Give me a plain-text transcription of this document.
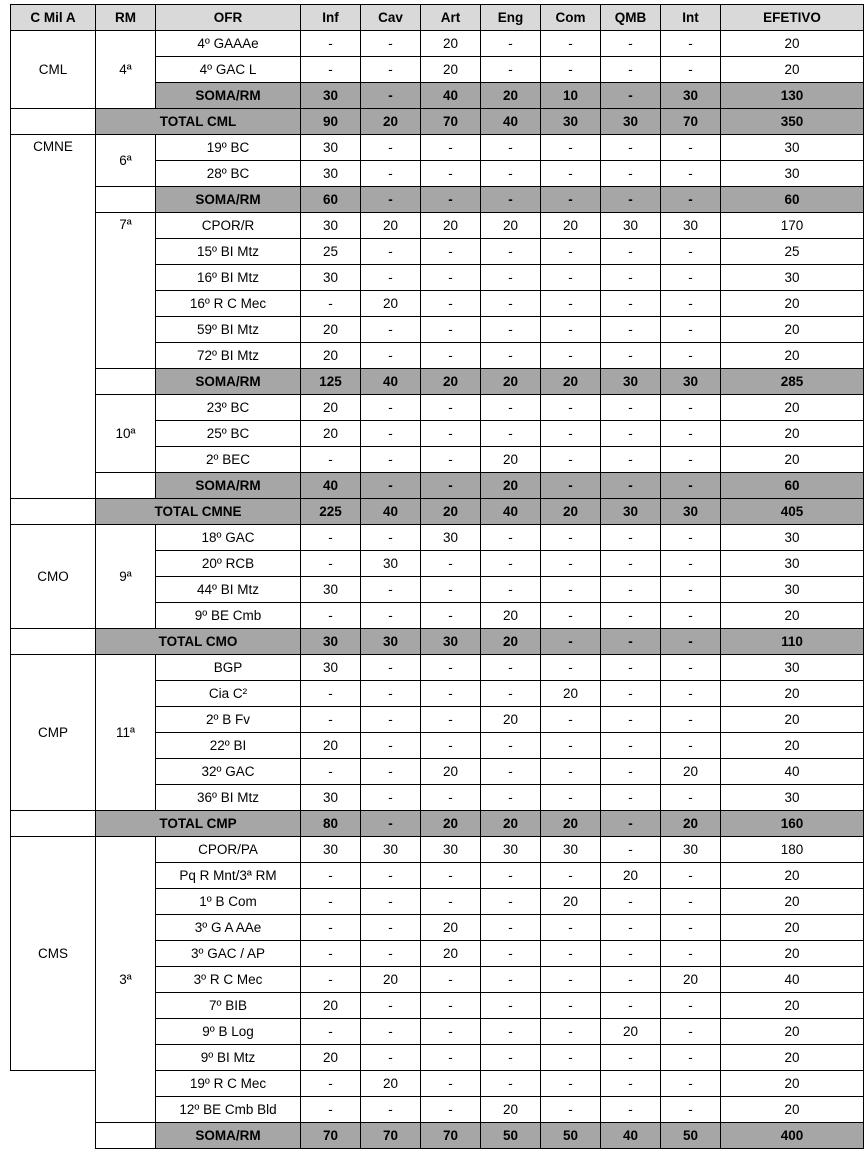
C Mil A	RM	OFR	Inf	Cav	Art	Eng	Com	QMB	Int	EFETIVO
CML	4ª	4º GAAAe	-	-	20	-	-	-	-	20
		4º GAC L	-	-	20	-	-	-	-	20
		SOMA/RM	30	-	40	20	10	-	30	130
	TOTAL CML		90	20	70	40	30	30	70	350
CMNE	6ª	19º BC	30	-	-	-	-	-	-	30
		28º BC	30	-	-	-	-	-	-	30
		SOMA/RM	60	-	-	-	-	-	-	60
	7ª	CPOR/R	30	20	20	20	20	30	30	170
		15º BI Mtz	25	-	-	-	-	-	-	25
		16º BI Mtz	30	-	-	-	-	-	-	30
		16º R C Mec	-	20	-	-	-	-	-	20
		59º BI Mtz	20	-	-	-	-	-	-	20
		72º BI Mtz	20	-	-	-	-	-	-	20
		SOMA/RM	125	40	20	20	20	30	30	285
	10ª	23º BC	20	-	-	-	-	-	-	20
		25º BC	20	-	-	-	-	-	-	20
		2º BEC	-	-	-	20	-	-	-	20
		SOMA/RM	40	-	-	20	-	-	-	60
	TOTAL CMNE		225	40	20	40	20	30	30	405
CMO	9ª	18º GAC	-	-	30	-	-	-	-	30
		20º RCB	-	30	-	-	-	-	-	30
		44º BI Mtz	30	-	-	-	-	-	-	30
		9º BE Cmb	-	-	-	20	-	-	-	20
	TOTAL CMO		30	30	30	20	-	-	-	110
CMP	11ª	BGP	30	-	-	-	-	-	-	30
		Cia C²	-	-	-	-	20	-	-	20
		2º B Fv	-	-	-	20	-	-	-	20
		22º BI	20	-	-	-	-	-	-	20
		32º GAC	-	-	20	-	-	-	20	40
		36º BI Mtz	30	-	-	-	-	-	-	30
	TOTAL CMP		80	-	20	20	20	-	20	160
CMS	3ª	CPOR/PA	30	30	30	30	30	-	30	180
		Pq R Mnt/3ª RM	-	-	-	-	-	20	-	20
		1º B Com	-	-	-	-	20	-	-	20
		3º G A AAe	-	-	20	-	-	-	-	20
		3º GAC / AP	-	-	20	-	-	-	-	20
		3º R C Mec	-	20	-	-	-	-	20	40
		7º BIB	20	-	-	-	-	-	-	20
		9º B Log	-	-	-	-	-	20	-	20
		9º BI Mtz	20	-	-	-	-	-	-	20
		19º R C Mec	-	20	-	-	-	-	-	20
		12º BE Cmb Bld	-	-	-	20	-	-	-	20
		SOMA/RM	70	70	70	50	50	40	50	400
